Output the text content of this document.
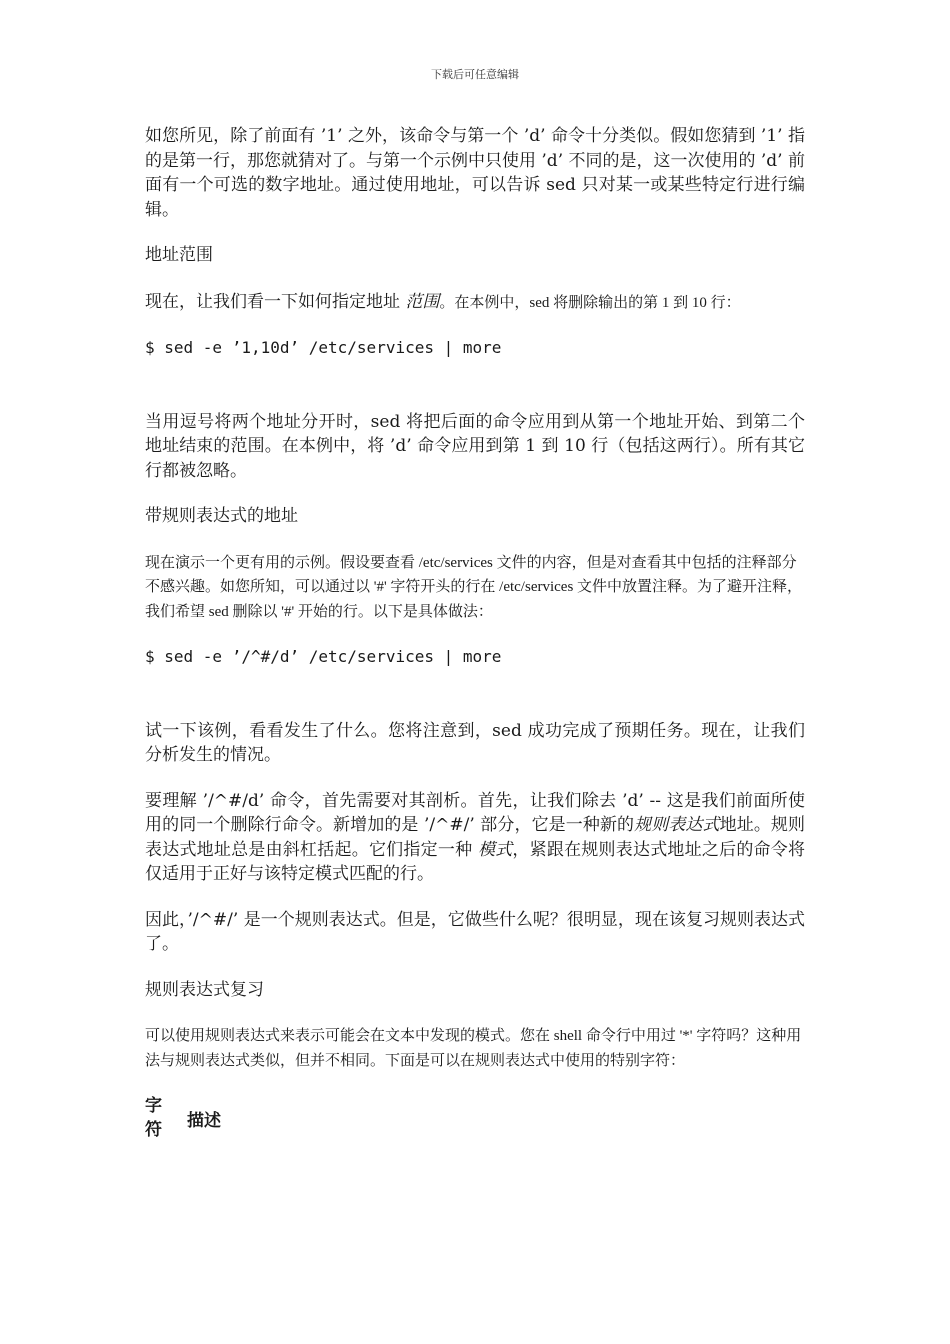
下载后可任意编辑

如您所见，除了前面有 ’1’ 之外，该命令与第一个 ’d’ 命令十分类似。假如您猜到 ’1’ 指的是第一行，那您就猜对了。与第一个示例中只使用 ’d’ 不同的是，这一次使用的 ’d’ 前面有一个可选的数字地址。通过使用地址，可以告诉 sed 只对某一或某些特定行进行编辑。

地址范围

现在，让我们看一下如何指定地址 范围。在本例中，sed 将删除输出的第 1 到 10 行：

$ sed -e ’1,10d’ /etc/services | more

当用逗号将两个地址分开时，sed 将把后面的命令应用到从第一个地址开始、到第二个地址结束的范围。在本例中，将 ’d’ 命令应用到第 1 到 10 行（包括这两行）。所有其它行都被忽略。

带规则表达式的地址

现在演示一个更有用的示例。假设要查看 /etc/services 文件的内容，但是对查看其中包括的注释部分不感兴趣。如您所知，可以通过以 '#' 字符开头的行在 /etc/services 文件中放置注释。为了避开注释，我们希望 sed 删除以 '#' 开始的行。以下是具体做法：

$ sed -e ’/^#/d’ /etc/services | more

试一下该例，看看发生了什么。您将注意到，sed 成功完成了预期任务。现在，让我们分析发生的情况。

要理解 ’/^#/d’ 命令，首先需要对其剖析。首先，让我们除去 ’d’ -- 这是我们前面所使用的同一个删除行命令。新增加的是 ’/^#/’ 部分，它是一种新的规则表达式地址。规则表达式地址总是由斜杠括起。它们指定一种 模式，紧跟在规则表达式地址之后的命令将仅适用于正好与该特定模式匹配的行。

因此，’/^#/’ 是一个规则表达式。但是，它做些什么呢？很明显，现在该复习规则表达式了。

规则表达式复习

可以使用规则表达式来表示可能会在文本中发现的模式。您在 shell 命令行中用过 '*' 字符吗？这种用法与规则表达式类似，但并不相同。下面是可以在规则表达式中使用的特别字符：

字符 描述
